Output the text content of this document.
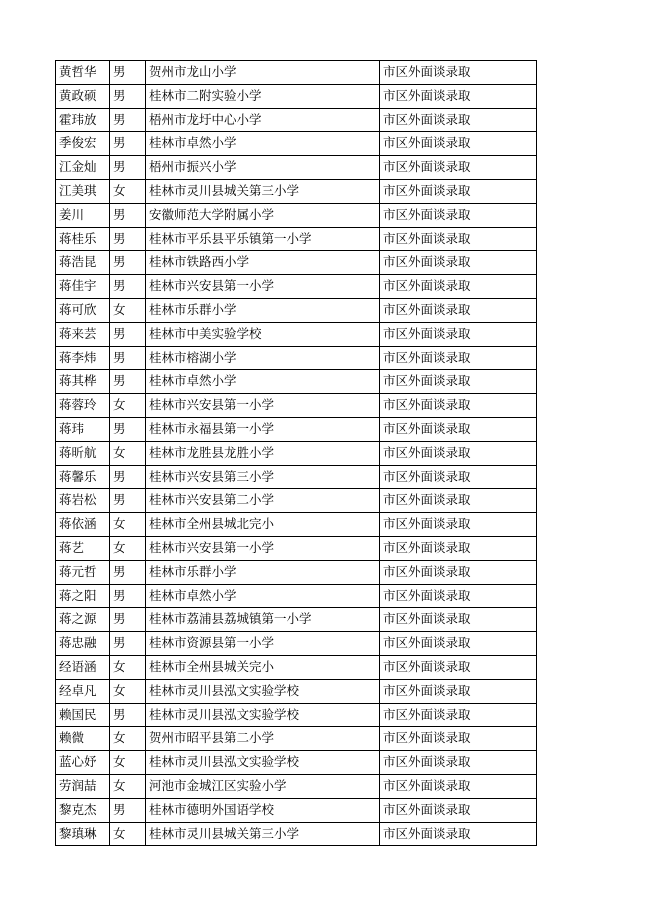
黄哲华	男	贺州市龙山小学	市区外面谈录取
黄政硕	男	桂林市二附实验小学	市区外面谈录取
霍玮放	男	梧州市龙圩中心小学	市区外面谈录取
季俊宏	男	桂林市卓然小学	市区外面谈录取
江金灿	男	梧州市振兴小学	市区外面谈录取
江美琪	女	桂林市灵川县城关第三小学	市区外面谈录取
姜川	男	安徽师范大学附属小学	市区外面谈录取
蒋桂乐	男	桂林市平乐县平乐镇第一小学	市区外面谈录取
蒋浩昆	男	桂林市铁路西小学	市区外面谈录取
蒋佳宇	男	桂林市兴安县第一小学	市区外面谈录取
蒋可欣	女	桂林市乐群小学	市区外面谈录取
蒋来芸	男	桂林市中美实验学校	市区外面谈录取
蒋李炜	男	桂林市榕湖小学	市区外面谈录取
蒋其桦	男	桂林市卓然小学	市区外面谈录取
蒋蓉玲	女	桂林市兴安县第一小学	市区外面谈录取
蒋玮	男	桂林市永福县第一小学	市区外面谈录取
蒋昕航	女	桂林市龙胜县龙胜小学	市区外面谈录取
蒋馨乐	男	桂林市兴安县第三小学	市区外面谈录取
蒋岩松	男	桂林市兴安县第二小学	市区外面谈录取
蒋依涵	女	桂林市全州县城北完小	市区外面谈录取
蒋艺	女	桂林市兴安县第一小学	市区外面谈录取
蒋元哲	男	桂林市乐群小学	市区外面谈录取
蒋之阳	男	桂林市卓然小学	市区外面谈录取
蒋之源	男	桂林市荔浦县荔城镇第一小学	市区外面谈录取
蒋忠融	男	桂林市资源县第一小学	市区外面谈录取
经语涵	女	桂林市全州县城关完小	市区外面谈录取
经卓凡	女	桂林市灵川县泓文实验学校	市区外面谈录取
赖国民	男	桂林市灵川县泓文实验学校	市区外面谈录取
赖微	女	贺州市昭平县第二小学	市区外面谈录取
蓝心妤	女	桂林市灵川县泓文实验学校	市区外面谈录取
劳润喆	女	河池市金城江区实验小学	市区外面谈录取
黎克杰	男	桂林市德明外国语学校	市区外面谈录取
黎瑱琳	女	桂林市灵川县城关第三小学	市区外面谈录取
